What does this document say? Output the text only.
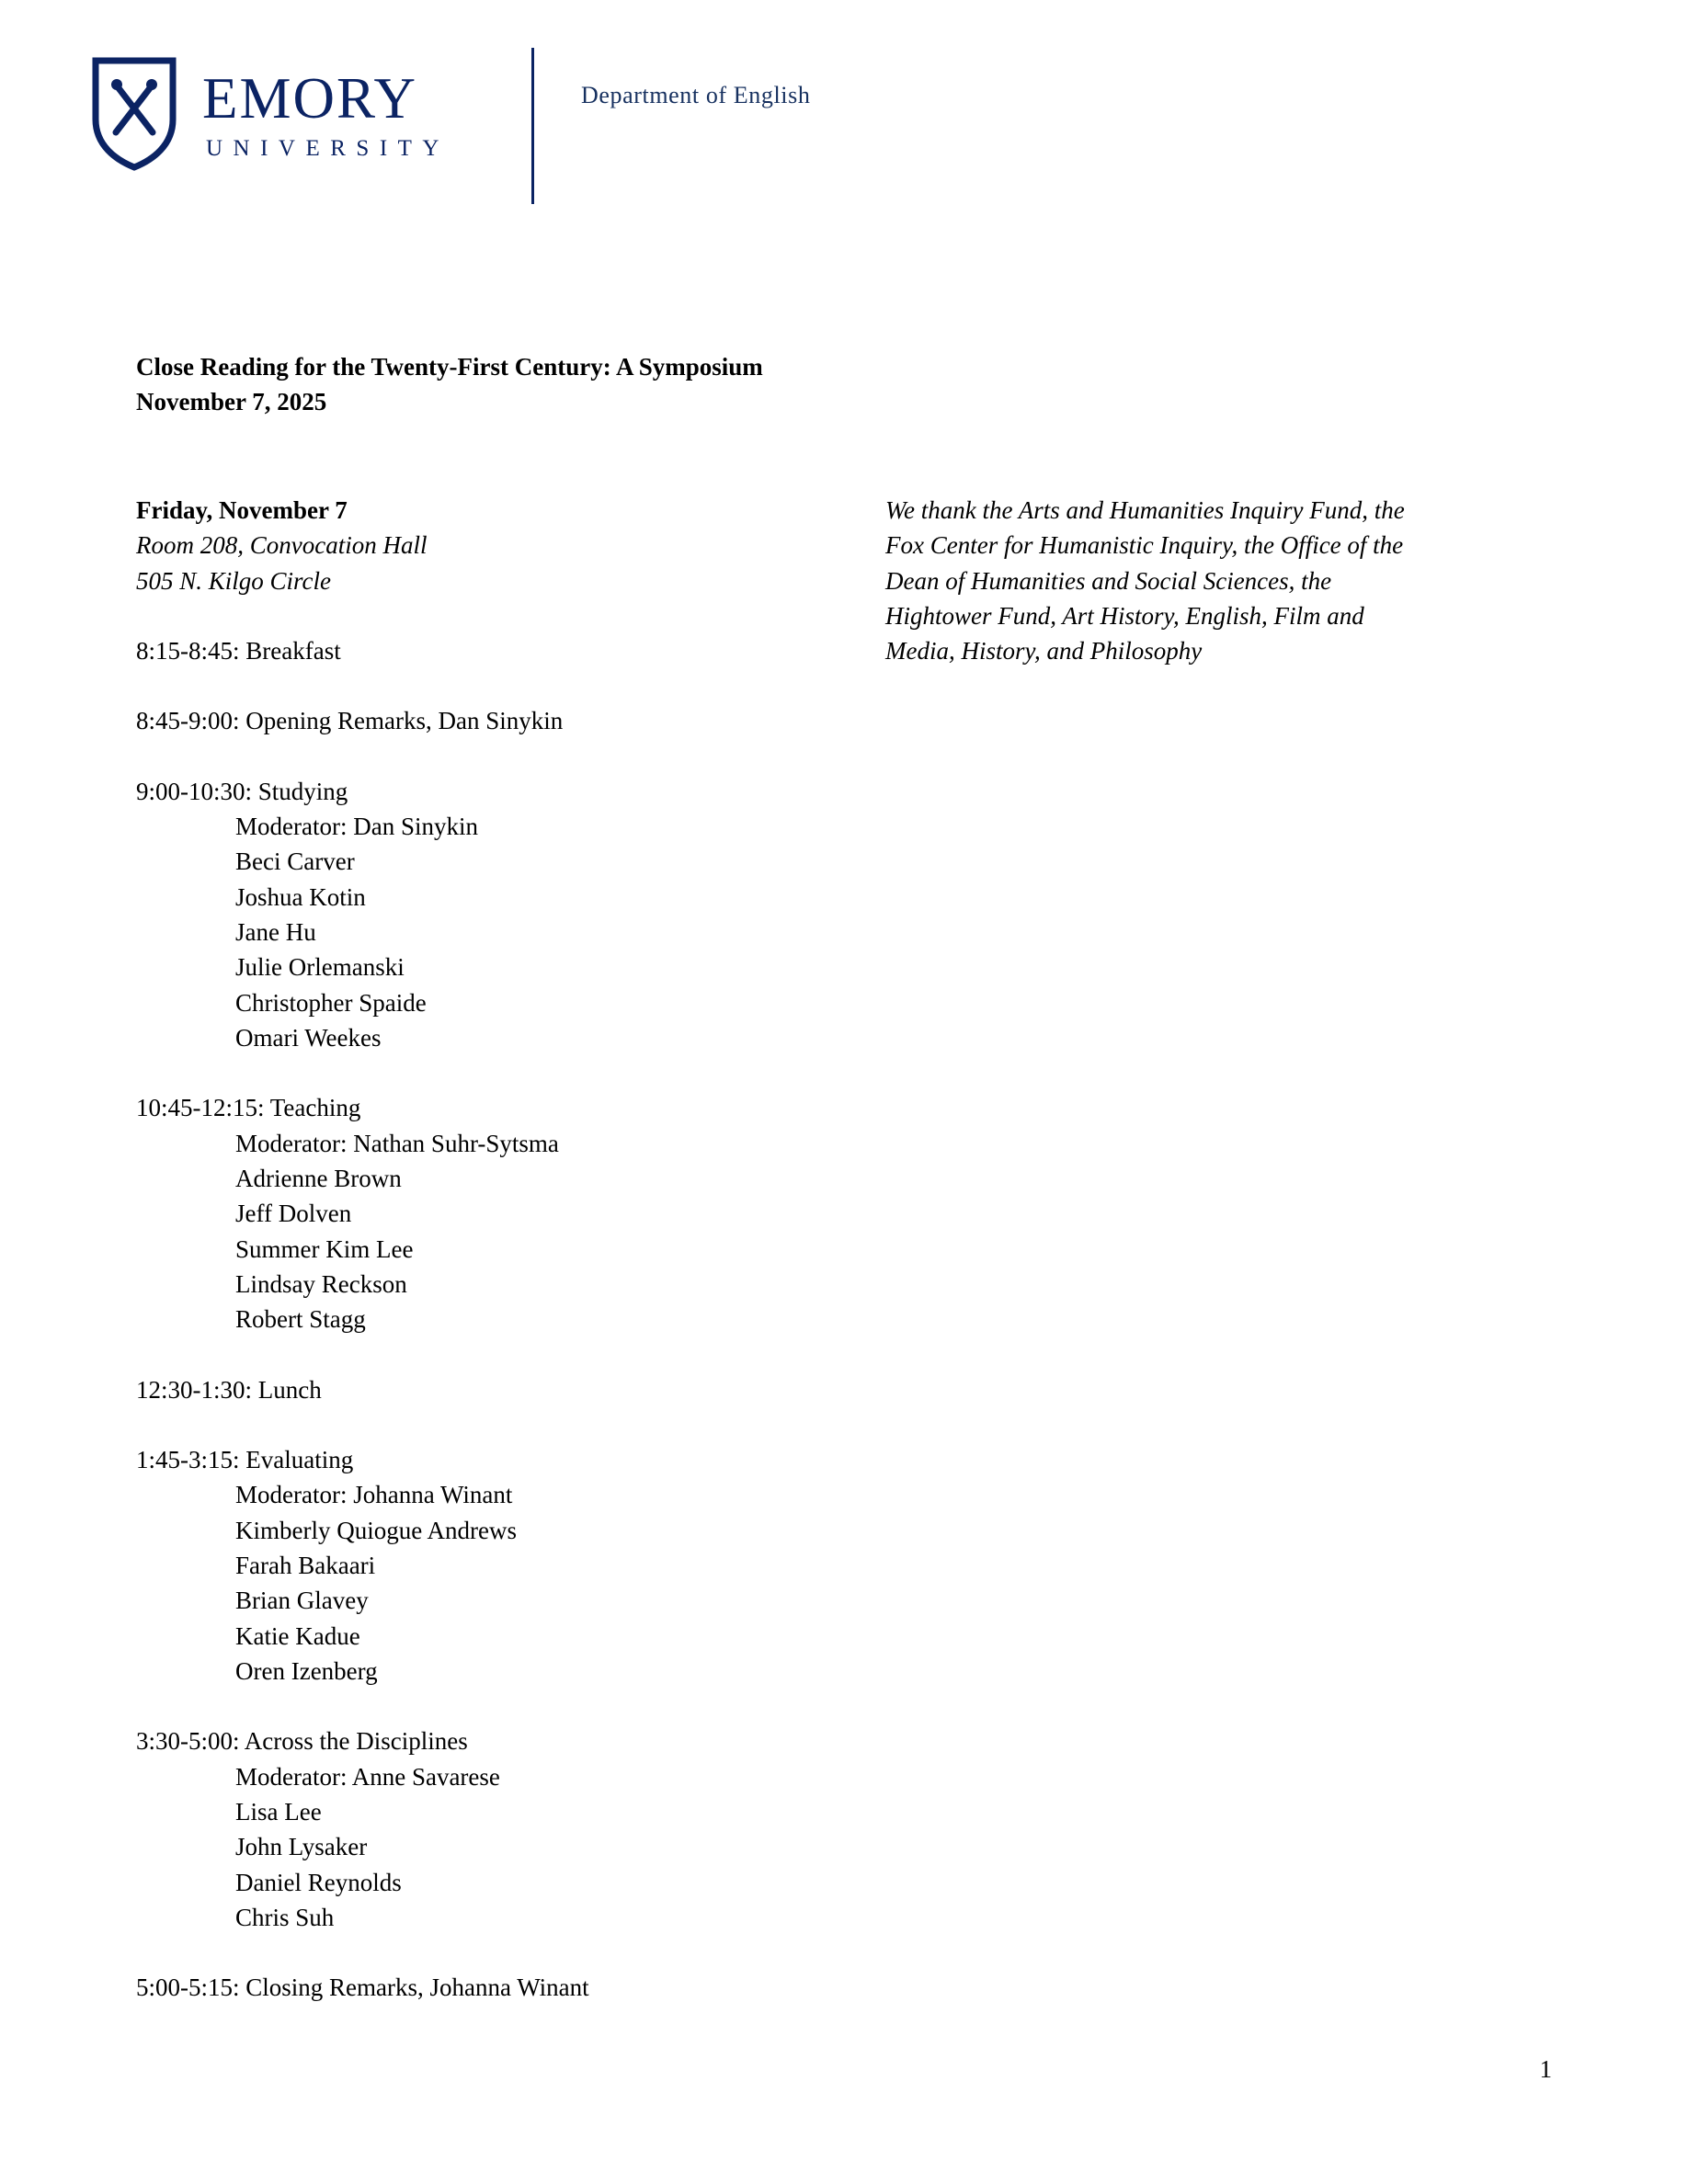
EMORY
UNIVERSITY
Department of English
Close Reading for the Twenty-First Century: A Symposium
November 7, 2025
Friday, November 7
Room 208, Convocation Hall
505 N. Kilgo Circle
8:15-8:45: Breakfast
8:45-9:00: Opening Remarks, Dan Sinykin
9:00-10:30: Studying
Moderator: Dan Sinykin
Beci Carver
Joshua Kotin
Jane Hu
Julie Orlemanski
Christopher Spaide
Omari Weekes
10:45-12:15: Teaching
Moderator: Nathan Suhr-Sytsma
Adrienne Brown
Jeff Dolven
Summer Kim Lee
Lindsay Reckson
Robert Stagg
12:30-1:30: Lunch
1:45-3:15: Evaluating
Moderator: Johanna Winant
Kimberly Quiogue Andrews
Farah Bakaari
Brian Glavey
Katie Kadue
Oren Izenberg
3:30-5:00: Across the Disciplines
Moderator: Anne Savarese
Lisa Lee
John Lysaker
Daniel Reynolds
Chris Suh
5:00-5:15: Closing Remarks, Johanna Winant

We thank the Arts and Humanities Inquiry Fund, the

Fox Center for Humanistic Inquiry, the Office of the

Dean of Humanities and Social Sciences, the

Hightower Fund, Art History, English, Film and

Media, History, and Philosophy

1
